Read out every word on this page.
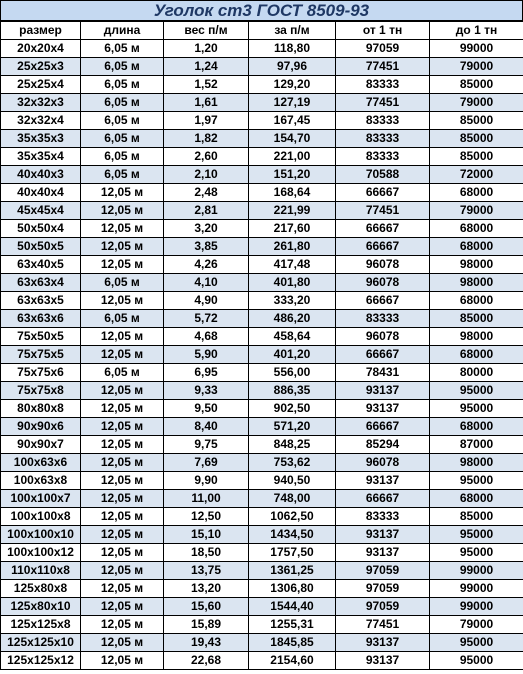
Уголок ст3 ГОСТ 8509-93
размер	длина	вес п/м	за п/м	от 1 тн	до 1 тн
20x20x4	6,05 м	1,20	118,80	97059	99000
25x25x3	6,05 м	1,24	97,96	77451	79000
25x25x4	6,05 м	1,52	129,20	83333	85000
32x32x3	6,05 м	1,61	127,19	77451	79000
32x32x4	6,05 м	1,97	167,45	83333	85000
35x35x3	6,05 м	1,82	154,70	83333	85000
35x35x4	6,05 м	2,60	221,00	83333	85000
40x40x3	6,05 м	2,10	151,20	70588	72000
40x40x4	12,05 м	2,48	168,64	66667	68000
45x45x4	12,05 м	2,81	221,99	77451	79000
50x50x4	12,05 м	3,20	217,60	66667	68000
50x50x5	12,05 м	3,85	261,80	66667	68000
63x40x5	12,05 м	4,26	417,48	96078	98000
63x63x4	6,05 м	4,10	401,80	96078	98000
63x63x5	12,05 м	4,90	333,20	66667	68000
63x63x6	6,05 м	5,72	486,20	83333	85000
75x50x5	12,05 м	4,68	458,64	96078	98000
75x75x5	12,05 м	5,90	401,20	66667	68000
75x75x6	6,05 м	6,95	556,00	78431	80000
75x75x8	12,05 м	9,33	886,35	93137	95000
80x80x8	12,05 м	9,50	902,50	93137	95000
90x90x6	12,05 м	8,40	571,20	66667	68000
90x90x7	12,05 м	9,75	848,25	85294	87000
100x63x6	12,05 м	7,69	753,62	96078	98000
100x63x8	12,05 м	9,90	940,50	93137	95000
100x100x7	12,05 м	11,00	748,00	66667	68000
100x100x8	12,05 м	12,50	1062,50	83333	85000
100x100x10	12,05 м	15,10	1434,50	93137	95000
100x100x12	12,05 м	18,50	1757,50	93137	95000
110x110x8	12,05 м	13,75	1361,25	97059	99000
125x80x8	12,05 м	13,20	1306,80	97059	99000
125x80x10	12,05 м	15,60	1544,40	97059	99000
125x125x8	12,05 м	15,89	1255,31	77451	79000
125x125x10	12,05 м	19,43	1845,85	93137	95000
125x125x12	12,05 м	22,68	2154,60	93137	95000
